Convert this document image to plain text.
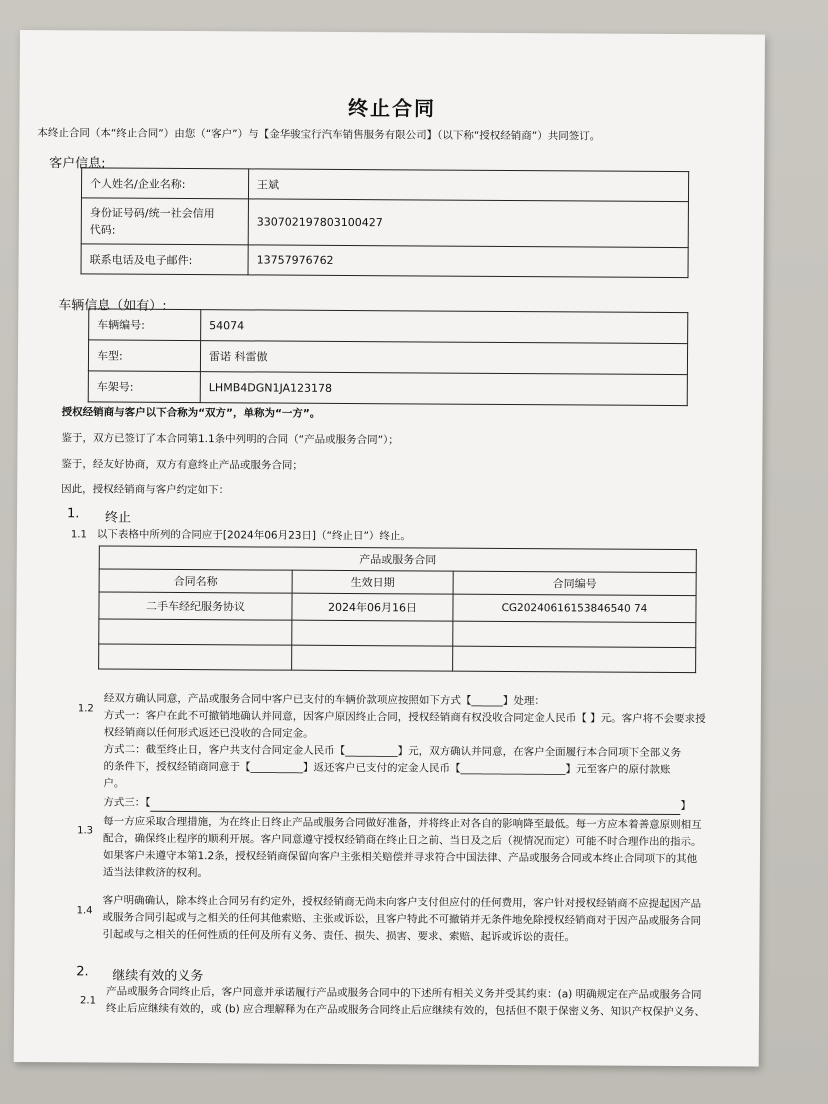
终止合同
本终止合同（本“终止合同”）由您（“客户”）与【金华骏宝行汽车销售服务有限公司】（以下称“授权经销商”）共同签订。
客户信息:
个人姓名/企业名称:	王斌
身份证号码/统一社会信用
代码:	330702197803100427
联系电话及电子邮件:	13757976762
车辆信息（如有）:
车辆编号:	54074
车型:	雷诺 科雷傲
车架号:	LHMB4DGN1JA123178
授权经销商与客户以下合称为“双方”，单称为“一方”。
鉴于，双方已签订了本合同第1.1条中列明的合同（“产品或服务合同”）；
鉴于，经友好协商，双方有意终止产品或服务合同；
因此，授权经销商与客户约定如下：
1. 终止
1.1 以下表格中所列的合同应于[2024年06月23日]（“终止日”）终止。
产品或服务合同		
合同名称	生效日期	合同编号
二手车经纪服务协议	2024年06月16日	CG20240616153846540 74

1.2
经双方确认同意，产品或服务合同中客户已支付的车辆价款项应按照如下方式【______】处理：
方式一：客户在此不可撤销地确认并同意，因客户原因终止合同，授权经销商有权没收合同定金人民币【 】元。客户将不会要求授
权经销商以任何形式返还已没收的合同定金。
方式二：截至终止日，客户共支付合同定金人民币【__________】元，双方确认并同意，在客户全面履行本合同项下全部义务
的条件下，授权经销商同意于【__________】返还客户已支付的定金人民币【____________________】元至客户的原付款账
户。
方式三：【	】
1.3 每一方应采取合理措施，为在终止日终止产品或服务合同做好准备，并将终止对各自的影响降至最低。每一方应本着善意原则相互
配合，确保终止程序的顺利开展。客户同意遵守授权经销商在终止日之前、当日及之后（视情况而定）可能不时合理作出的指示。
如果客户未遵守本第1.2条，授权经销商保留向客户主张相关赔偿并寻求符合中国法律、产品或服务合同或本终止合同项下的其他
适当法律救济的权利。
1.4
客户明确确认，除本终止合同另有约定外，授权经销商无尚未向客户支付但应付的任何费用，客户针对授权经销商不应提起因产品
或服务合同引起或与之相关的任何其他索赔、主张或诉讼，且客户特此不可撤销并无条件地免除授权经销商对于因产品或服务合同
引起或与之相关的任何性质的任何及所有义务、责任、损失、损害、要求、索赔、起诉或诉讼的责任。
2. 继续有效的义务
2.1 产品或服务合同终止后，客户同意并承诺履行产品或服务合同中的下述所有相关义务并受其约束：(a) 明确规定在产品或服务合同
终止后应继续有效的，或 (b) 应合理解释为在产品或服务合同终止后应继续有效的，包括但不限于保密义务、知识产权保护义务、
